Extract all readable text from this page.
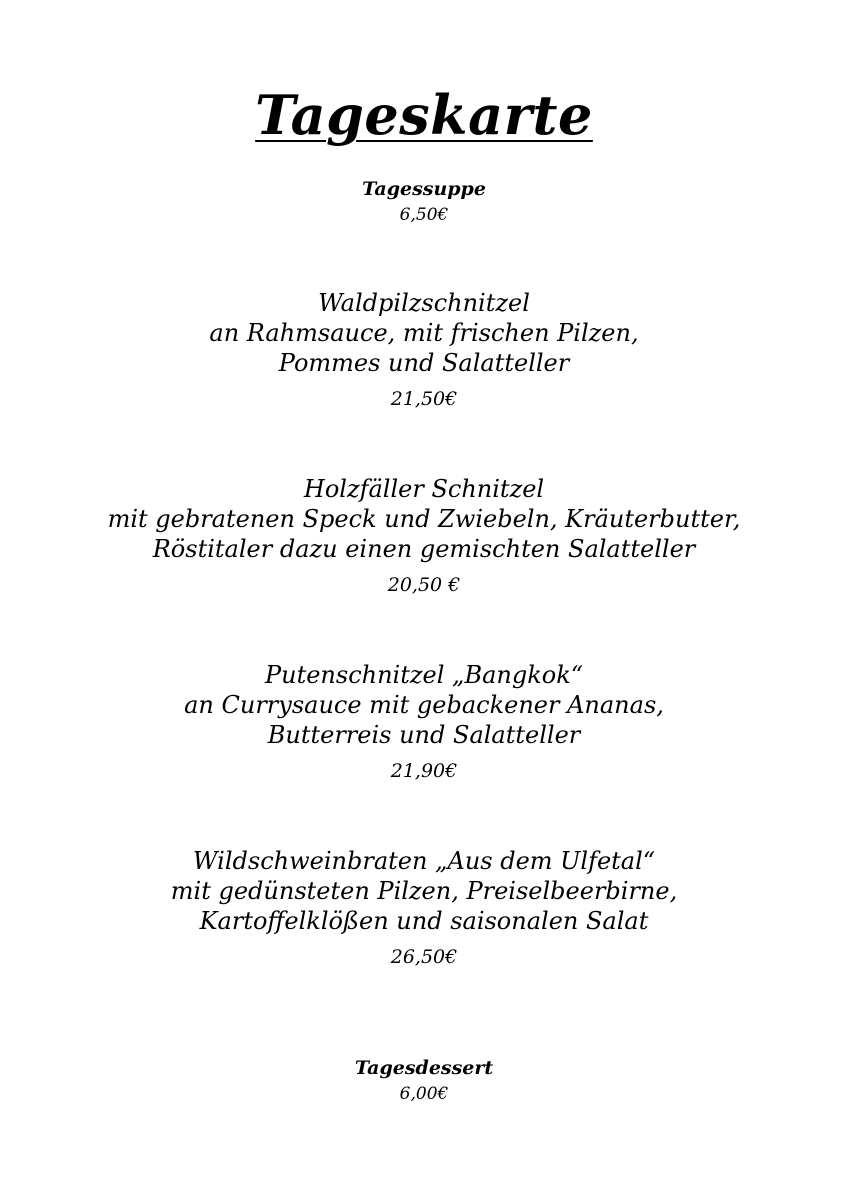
Tageskarte
Tagessuppe
6,50€
Waldpilzschnitzel
an Rahmsauce, mit frischen Pilzen,
Pommes und Salatteller
21,50€
Holzfäller Schnitzel
mit gebratenen Speck und Zwiebeln, Kräuterbutter,
Röstitaler dazu einen gemischten Salatteller
20,50 €
Putenschnitzel „Bangkok“
an Currysauce mit gebackener Ananas,
Butterreis und Salatteller
21,90€
Wildschweinbraten „Aus dem Ulfetal“
mit gedünsteten Pilzen, Preiselbeerbirne,
Kartoffelklößen und saisonalen Salat
26,50€
Tagesdessert
6,00€
